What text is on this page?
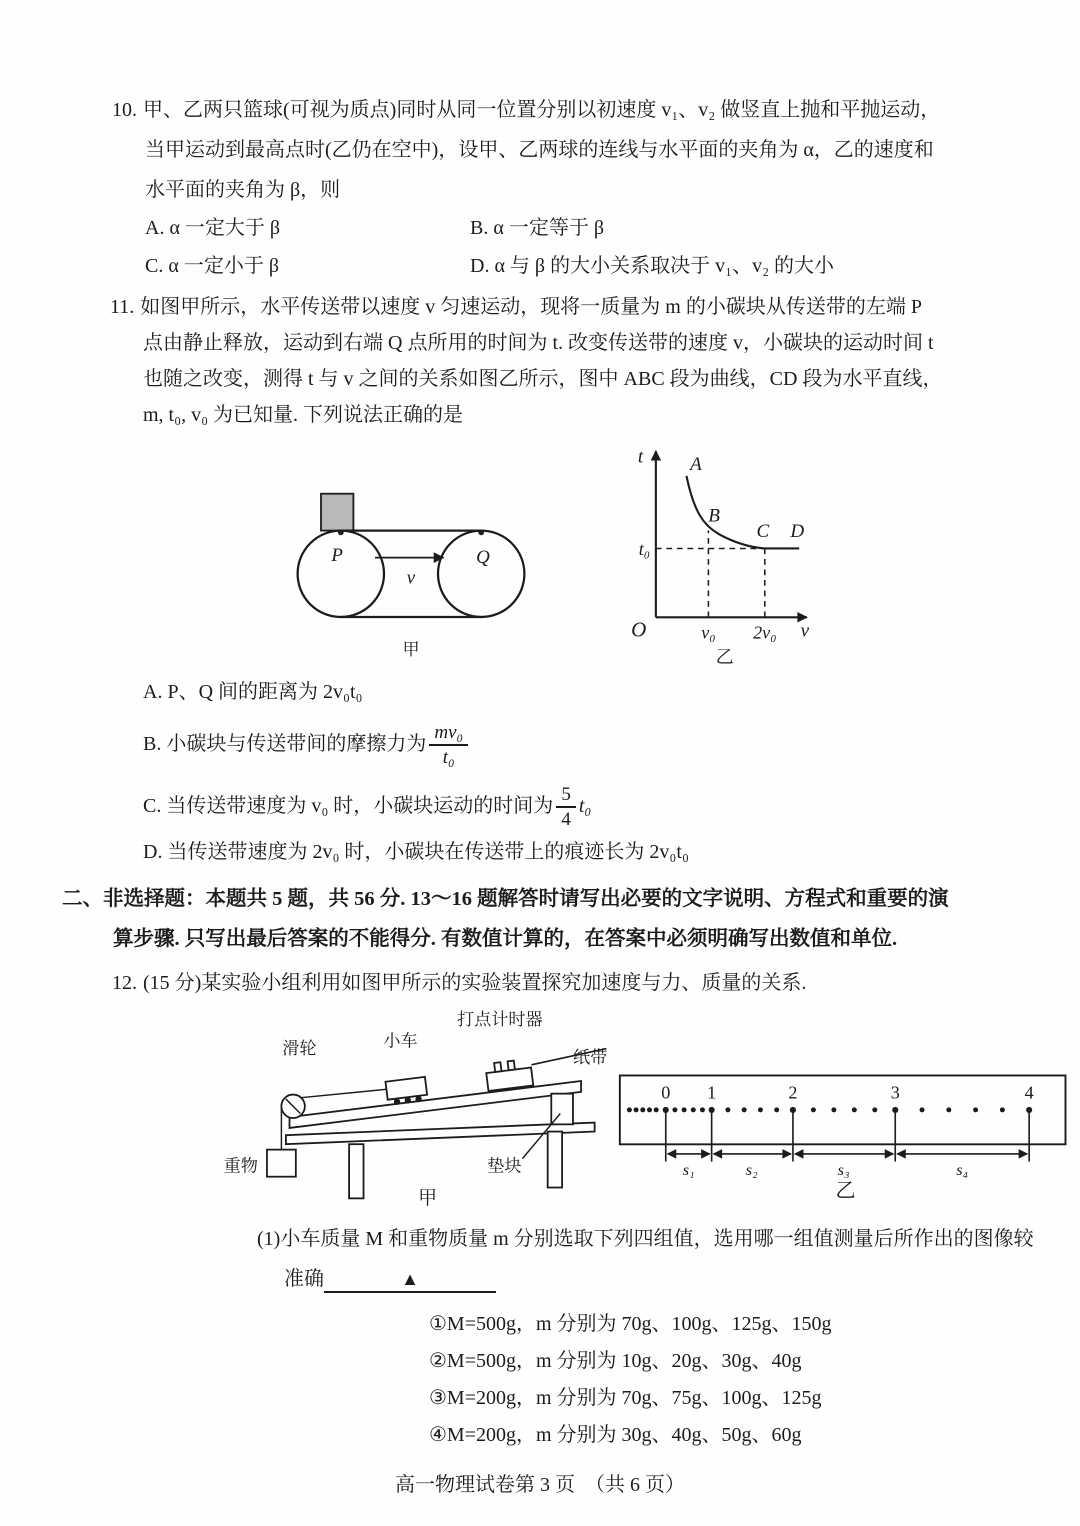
10. 甲、乙两只篮球(可视为质点)同时从同一位置分别以初速度 v₁、v₂ 做竖直上抛和平抛运动，
当甲运动到最高点时(乙仍在空中)，设甲、乙两球的连线与水平面的夹角为 α，乙的速度和
水平面的夹角为 β，则
A. α 一定大于 β	B. α 一定等于 β
C. α 一定小于 β	D. α 与 β 的大小关系取决于 v₁、v₂ 的大小
11. 如图甲所示，水平传送带以速度 v 匀速运动，现将一质量为 m 的小碳块从传送带的左端 P
点由静止释放，运动到右端 Q 点所用的时间为 t. 改变传送带的速度 v，小碳块的运动时间 t
也随之改变，测得 t 与 v 之间的关系如图乙所示，图中 ABC 段为曲线，CD 段为水平直线，
m, t₀, v₀ 为已知量. 下列说法正确的是
P
v
Q
甲
t
O
t₀
v₀ 2v₀ v
A
B
C D
乙
A. P、Q 间的距离为 2v₀t₀
B. 小碳块与传送带间的摩擦力为 $\frac{\text{mv₀}}{\text{t₀}}$
C. 当传送带速度为 v₀ 时，小碳块运动的时间为 $\frac{5}{4} t_0$
D. 当传送带速度为 2v₀ 时，小碳块在传送带上的痕迹长为 2v₀t₀
二、非选择题：本题共 5 题，共 56 分. 13～16 题解答时请写出必要的文字说明、方程式和重要的演
算步骤. 只写出最后答案的不能得分. 有数值计算的，在答案中必须明确写出数值和单位.
12. (15 分)某实验小组利用如图甲所示的实验装置探究加速度与力、质量的关系.
打点计时器
小车
滑轮	纸带
重物	垫块
甲
0 1	2	3	4
s₁	s₂	s₃	s₄
乙
(1)小车质量 M 和重物质量 m 分别选取下列四组值，选用哪一组值测量后所作出的图像较
准确	▲
①M=500g，m 分别为 70g、100g、125g、150g
②M=500g，m 分别为 10g、20g、30g、40g
③M=200g，m 分别为 70g、75g、100g、125g
④M=200g，m 分别为 30g、40g、50g、60g
高一物理试卷第 3 页　（共 6 页）
